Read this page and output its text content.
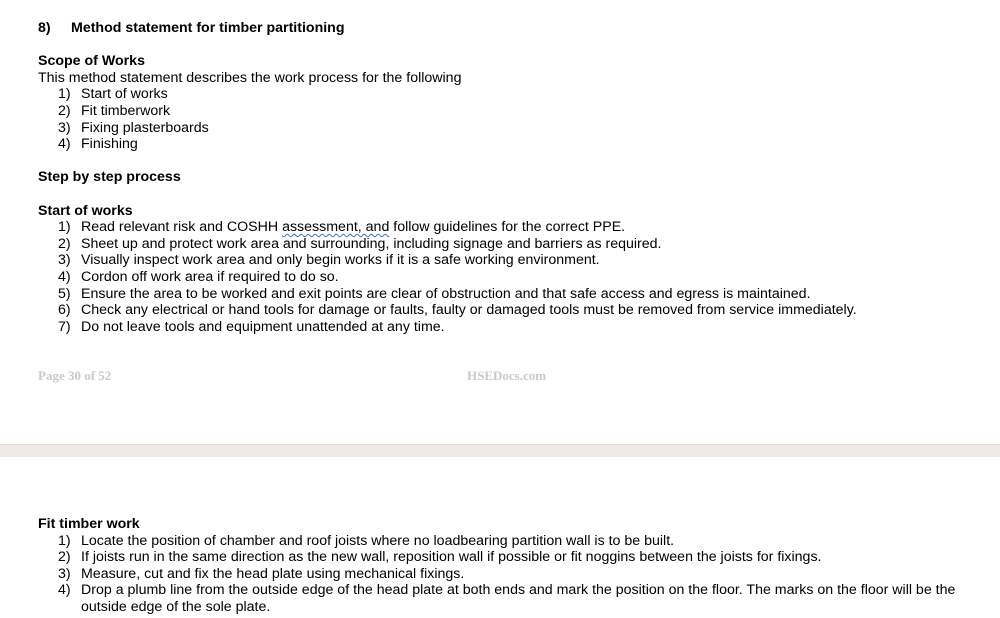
8)	Method statement for timber partitioning
Scope of Works
This method statement describes the work process for the following
1) Start of works
2) Fit timberwork
3) Fixing plasterboards
4) Finishing
Step by step process
Start of works
1) Read relevant risk and COSHH assessment, and follow guidelines for the correct PPE.
2) Sheet up and protect work area and surrounding, including signage and barriers as required.
3) Visually inspect work area and only begin works if it is a safe working environment.
4) Cordon off work area if required to do so.
5) Ensure the area to be worked and exit points are clear of obstruction and that safe access and egress is maintained.
6) Check any electrical or hand tools for damage or faults, faulty or damaged tools must be removed from service immediately.
7) Do not leave tools and equipment unattended at any time.
Page 30 of 52	HSEDocs.com
Fit timber work
1) Locate the position of chamber and roof joists where no loadbearing partition wall is to be built.
2) If joists run in the same direction as the new wall, reposition wall if possible or fit noggins between the joists for fixings.
3) Measure, cut and fix the head plate using mechanical fixings.
4) Drop a plumb line from the outside edge of the head plate at both ends and mark the position on the floor. The marks on the floor will be the outside edge of the sole plate.
